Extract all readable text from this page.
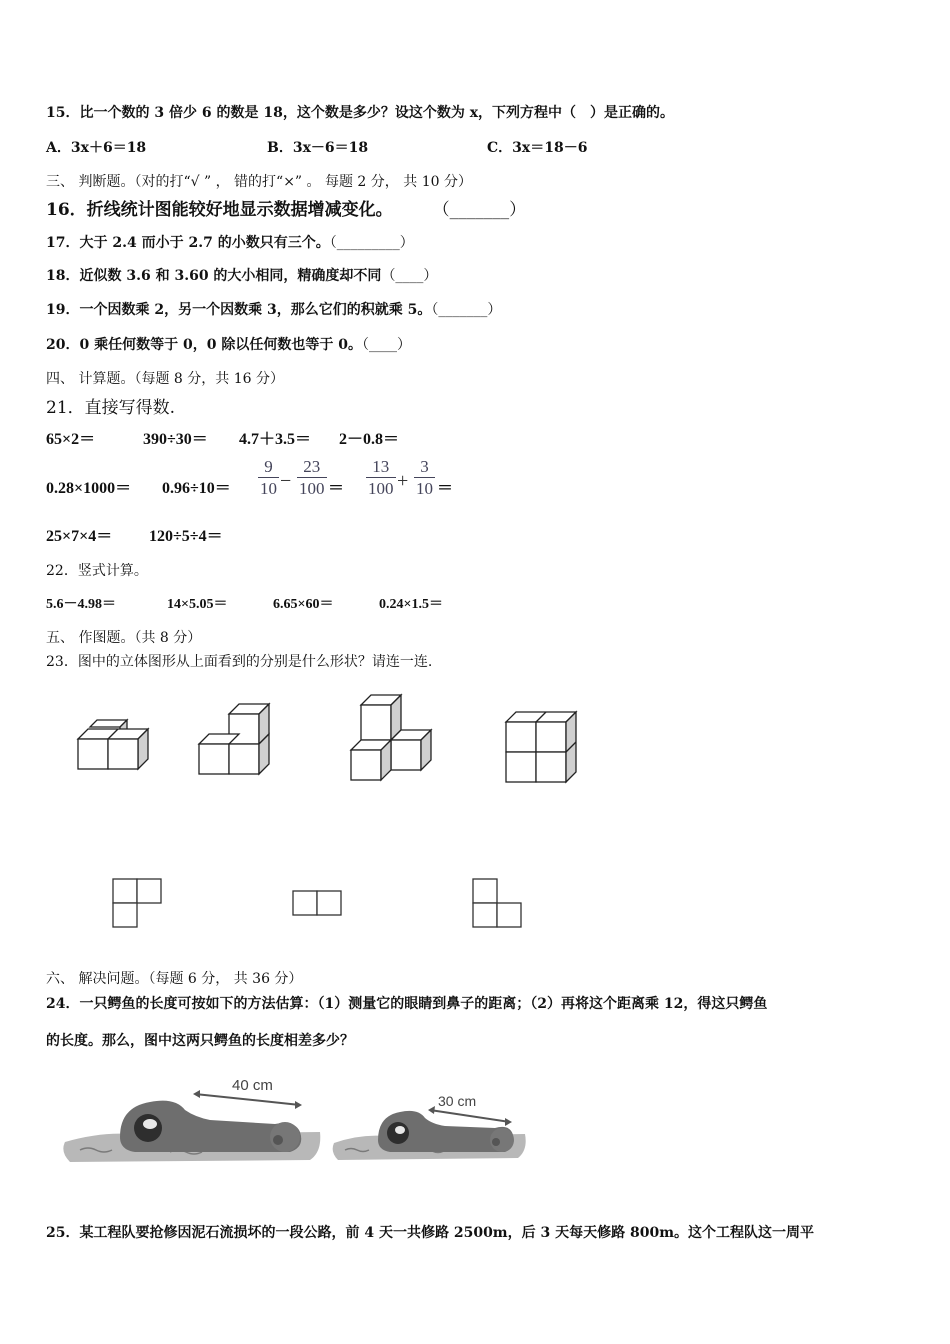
15．比一个数的 3 倍少 6 的数是 18，这个数是多少？设这个数为 x，下列方程中（　）是正确的。
A．3x＋6＝18	B．3x－6＝18	C．3x＝18－6
三、 判断题。（对的打“√ ” ， 错的打“×” 。 每题 2 分， 共 10 分）
16．折线统计图能较好地显示数据增减变化。 （_______）
17．大于 2.4 而小于 2.7 的小数只有三个。（_________）
18．近似数 3.6 和 3.60 的大小相同，精确度却不同（____）
19．一个因数乘 2，另一个因数乘 3，那么它们的积就乘 5。（_______）
20．0 乘任何数等于 0，0 除以任何数也等于 0。（____）
四、 计算题。（每题 8 分，共 16 分）
21．直接写得数.
65×2＝	390÷30＝ 4.7＋3.5＝ 2－0.8＝
0.28×1000＝ 0.96÷10＝
9
10 −
23
100 ＝
13
100 +
3
10 ＝
25×7×4＝ 120÷5÷4＝
22．竖式计算。
5.6－4.98＝	14×5.05＝	6.65×60＝	0.24×1.5＝
五、 作图题。（共 8 分）
23．图中的立体图形从上面看到的分别是什么形状？请连一连.
六、 解决问题。（每题 6 分， 共 36 分）
24．一只鳄鱼的长度可按如下的方法估算：（1）测量它的眼睛到鼻子的距离；（2）再将这个距离乘 12，得这只鳄鱼
的长度。那么，图中这两只鳄鱼的长度相差多少？
40 cm
30 cm
25．某工程队要抢修因泥石流损坏的一段公路，前 4 天一共修路 2500m，后 3 天每天修路 800m。这个工程队这一周平
